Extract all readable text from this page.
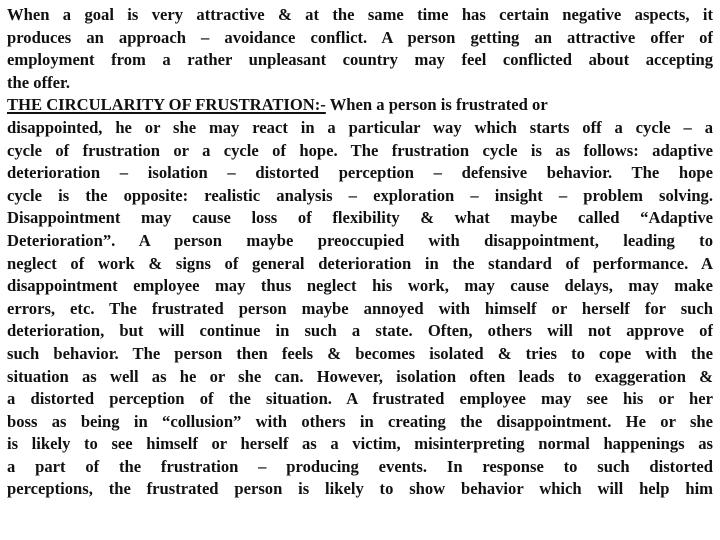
When a goal is very attractive & at the same time has certain negative aspects, it
produces an approach – avoidance conflict. A person getting an attractive offer of
employment from a rather unpleasant country may feel conflicted about accepting
the offer.
THE CIRCULARITY OF FRUSTRATION:- When a person is frustrated or
disappointed, he or she may react in a particular way which starts off a cycle – a
cycle of frustration or a cycle of hope. The frustration cycle is as follows: adaptive
deterioration – isolation – distorted perception – defensive behavior. The hope
cycle is the opposite: realistic analysis – exploration – insight – problem solving.
Disappointment may cause loss of flexibility & what maybe called “Adaptive
Deterioration”. A person maybe preoccupied with disappointment, leading to
neglect of work & signs of general deterioration in the standard of performance. A
disappointment employee may thus neglect his work, may cause delays, may make
errors, etc. The frustrated person maybe annoyed with himself or herself for such
deterioration, but will continue in such a state. Often, others will not approve of
such behavior. The person then feels & becomes isolated & tries to cope with the
situation as well as he or she can. However, isolation often leads to exaggeration &
a distorted perception of the situation. A frustrated employee may see his or her
boss as being in “collusion” with others in creating the disappointment. He or she
is likely to see himself or herself as a victim, misinterpreting normal happenings as
a part of the frustration – producing events. In response to such distorted
perceptions, the frustrated person is likely to show behavior which will help him
